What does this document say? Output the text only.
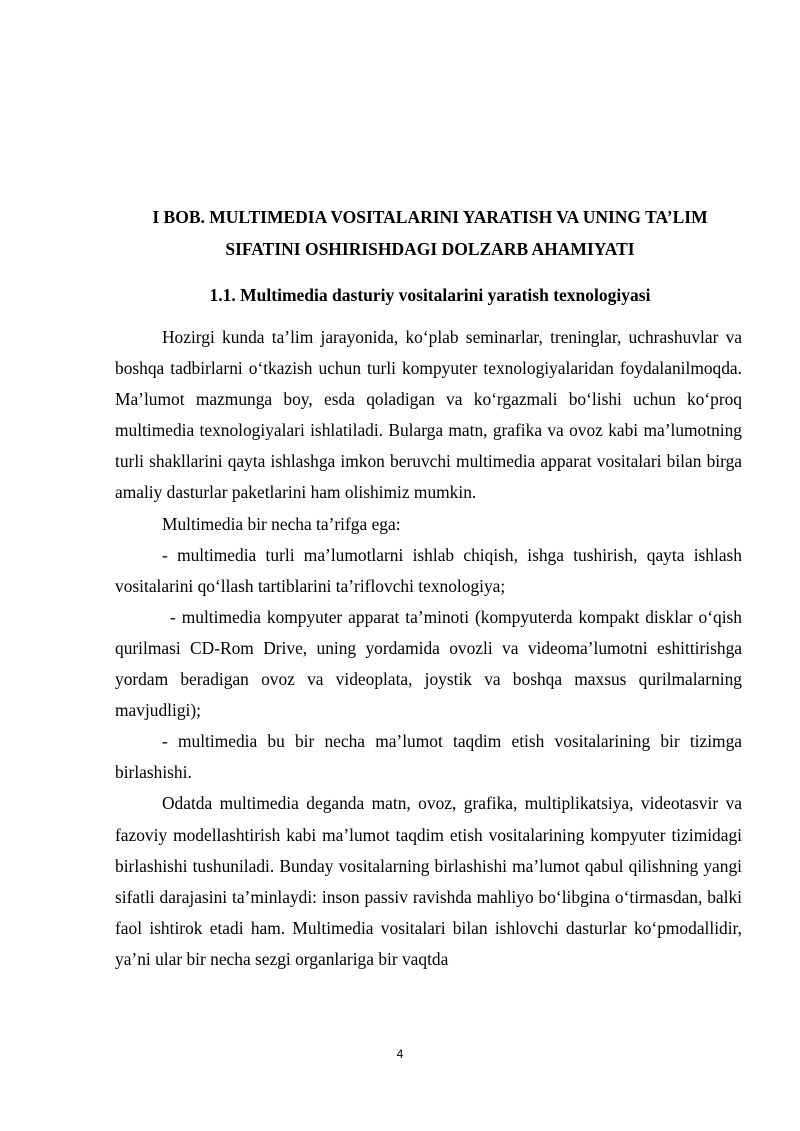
I BOB. MULTIMEDIA VOSITALARINI YARATISH VA UNING TA’LIM
SIFATINI OSHIRISHDAGI DOLZARB AHAMIYATI
1.1. Multimedia dasturiy vositalarini yaratish texnologiyasi

Hozirgi kunda ta’lim jarayonida, ko‘plab seminarlar, treninglar, uchrashuvlar va boshqa tadbirlarni o‘tkazish uchun turli kompyuter texnologiyalaridan foydalanilmoqda. Ma’lumot mazmunga boy, esda qoladigan va ko‘rgazmali bo‘lishi uchun ko‘proq multimedia texnologiyalari ishlatiladi. Bularga matn, grafika va ovoz kabi ma’lumotning turli shakllarini qayta ishlashga imkon beruvchi multimedia apparat vositalari bilan birga amaliy dasturlar paketlarini ham olishimiz mumkin.

Multimedia bir necha ta’rifga ega:

- multimedia turli ma’lumotlarni ishlab chiqish, ishga tushirish, qayta ishlash vositalarini qo‘llash tartiblarini ta’riflovchi texnologiya;

- multimedia kompyuter apparat ta’minoti (kompyuterda kompakt disklar o‘qish qurilmasi CD-Rom Drive, uning yordamida ovozli va videoma’lumotni eshittirishga yordam beradigan ovoz va videoplata, joystik va boshqa maxsus qurilmalarning mavjudligi);

- multimedia bu bir necha ma’lumot taqdim etish vositalarining bir tizimga birlashishi.

Odatda multimedia deganda matn, ovoz, grafika, multiplikatsiya, videotasvir va fazoviy modellashtirish kabi ma’lumot taqdim etish vositalarining kompyuter tizimidagi birlashishi tushuniladi. Bunday vositalarning birlashishi ma’lumot qabul qilishning yangi sifatli darajasini ta’minlaydi: inson passiv ravishda mahliyo bo‘libgina o‘tirmasdan, balki faol ishtirok etadi ham. Multimedia vositalari bilan ishlovchi dasturlar ko‘pmodallidir, ya’ni ular bir necha sezgi organlariga bir vaqtda

4
